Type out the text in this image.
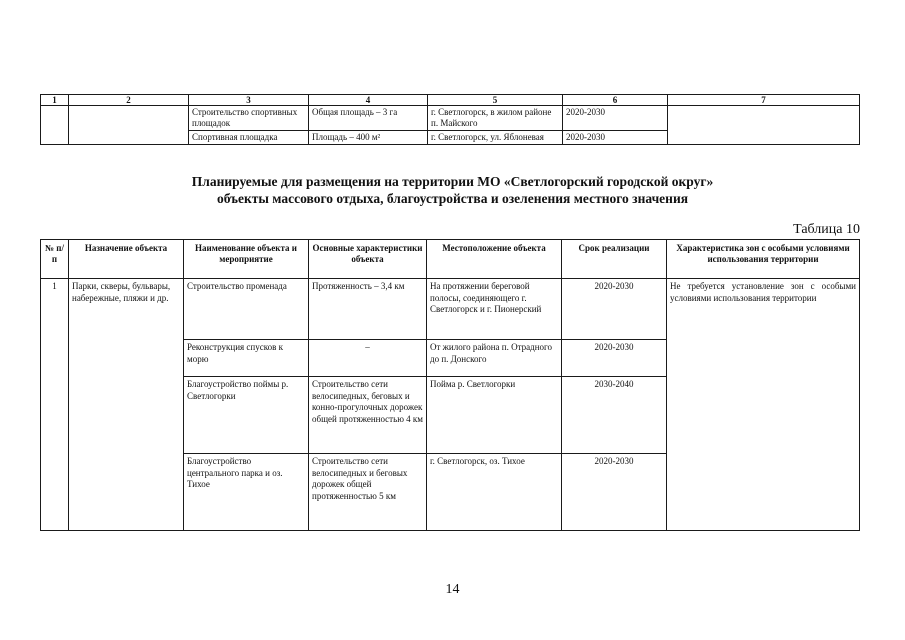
1	2	3	4	5	6	7
		Строительство спортивных площадок	Общая площадь – 3 га	г. Светлогорск, в жилом районе п. Майского	2020-2030	
		Спортивная площадка	Площадь – 400 м²	г. Светлогорск, ул. Яблоневая	2020-2030	
Планируемые для размещения на территории МО «Светлогорский городской округ»
объекты массового отдыха, благоустройства и озеленения местного значения
Таблица 10
№ п/п	Назначение объекта	Наименование объекта и мероприятие	Основные характеристики объекта	Местоположение объекта	Срок реализации	Характеристика зон с особыми условиями использования территории
1	Парки, скверы, бульвары, набережные, пляжи и др.	Строительство променада	Протяженность – 3,4 км	На протяжении береговой полосы, соединяющего г. Светлогорск и г. Пионерский	2020-2030	Не требуется установление зон с особыми условиями использования территории
		Реконструкция спусков к морю	–	От жилого района п. Отрадного до п. Донского	2020-2030	
		Благоустройство поймы р. Светлогорки	Строительство сети велосипедных, беговых и конно-прогулочных дорожек общей протяженностью 4 км	Пойма р. Светлогорки	2030-2040	
		Благоустройство центрального парка и оз. Тихое	Строительство сети велосипедных и беговых дорожек общей протяженностью 5 км	г. Светлогорск, оз. Тихое	2020-2030	
14
